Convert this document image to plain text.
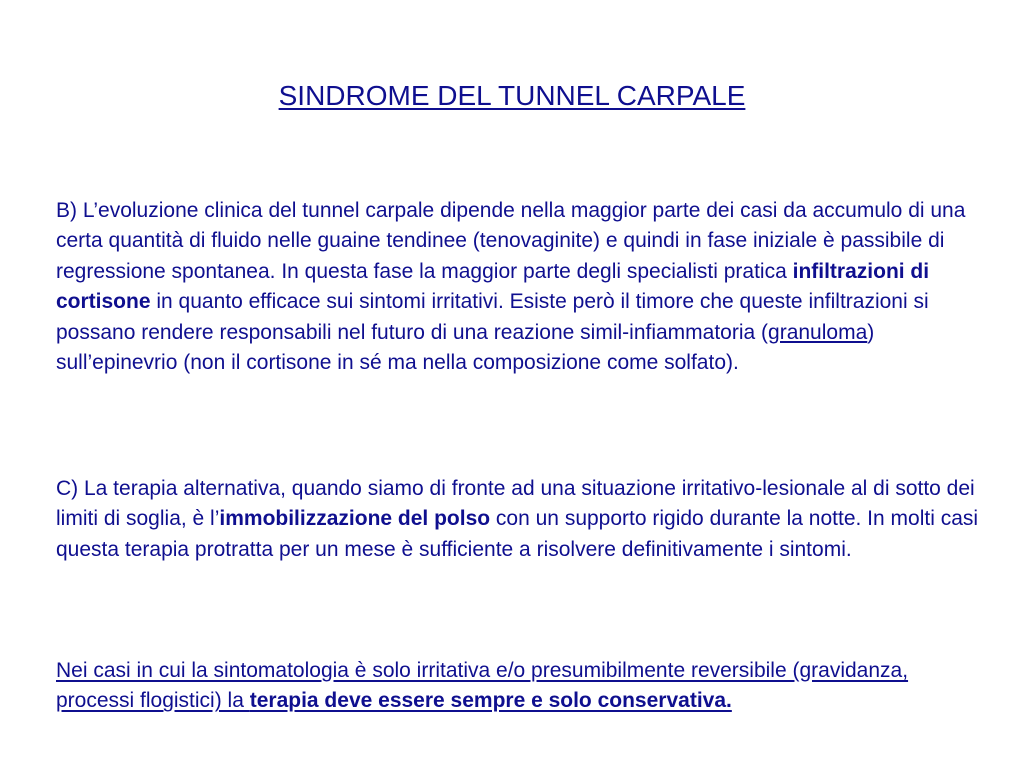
SINDROME DEL TUNNEL CARPALE

B) L’evoluzione clinica del tunnel carpale dipende nella maggior parte dei casi da accumulo di una certa quantità di fluido nelle guaine tendinee (tenovaginite) e quindi in fase iniziale è passibile di regressione spontanea. In questa fase la maggior parte degli specialisti pratica infiltrazioni di cortisone in quanto efficace sui sintomi irritativi. Esiste però il timore che queste infiltrazioni si possano rendere responsabili nel futuro di una reazione simil-infiammatoria (granuloma) sull’epinevrio (non il cortisone in sé ma nella composizione come solfato).

C) La terapia alternativa, quando siamo di fronte ad una situazione irritativo-lesionale al di sotto dei limiti di soglia, è l’immobilizzazione del polso con un supporto rigido durante la notte. In molti casi questa terapia protratta per un mese è sufficiente a risolvere definitivamente i sintomi.

Nei casi in cui la sintomatologia è solo irritativa e/o presumibilmente reversibile (gravidanza, processi flogistici) la terapia deve essere sempre e solo conservativa.
